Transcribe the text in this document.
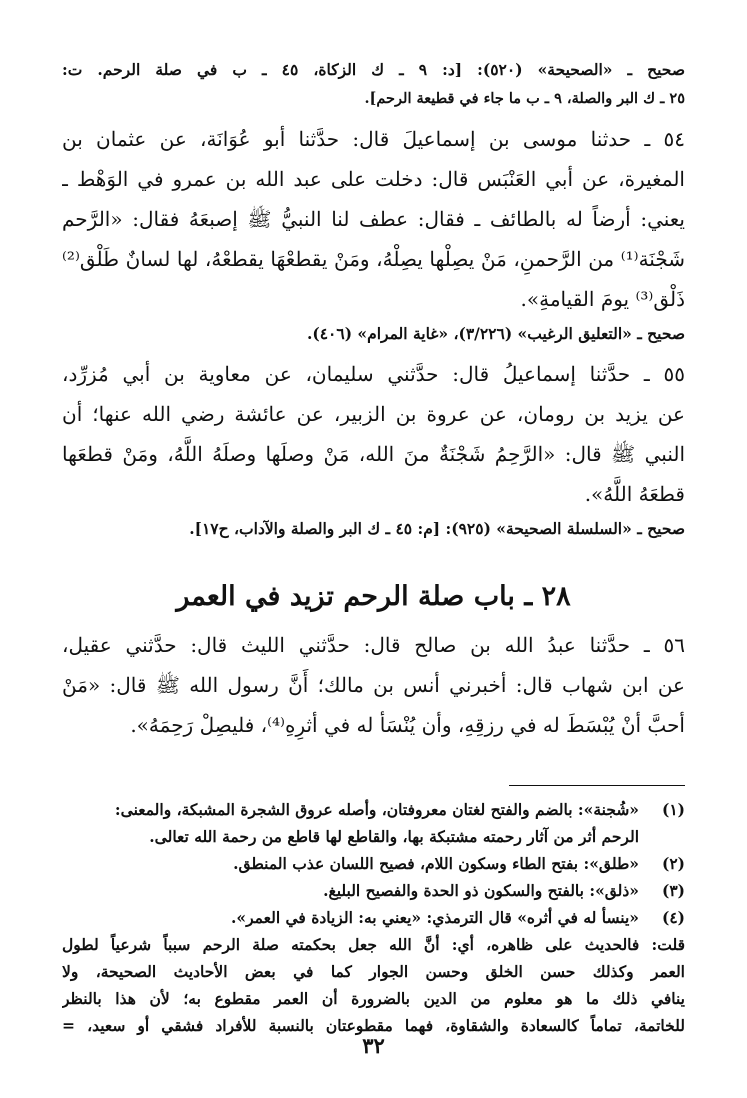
صحيح ـ «الصحيحة» (٥٢٠): [د: ٩ ـ ك الزكاة، ٤٥ ـ ب في صلة الرحم. ت:
٢٥ ـ ك البر والصلة، ٩ ـ ب ما جاء في قطيعة الرحم].
٥٤ ـ حدثنا موسى بن إسماعيلَ قال: حدَّثنا أبو عُوَانَة، عن عثمان بن
المغيرة، عن أبي العَنْبَس قال: دخلت على عبد الله بن عمرو في الوَهْط ـ
يعني: أرضاً له بالطائف ـ فقال: عطف لنا النبيُّ ﷺ إصبعَهُ فقال: «الرَّحم
شَجْنَة⁽¹⁾ من الرَّحمنِ، مَنْ يصِلْها يصِلْهُ، ومَنْ يقطعْهَا يقطعْهُ، لها لسانٌ طَلْق⁽²⁾
ذَلْق⁽³⁾ يومَ القيامةِ».
صحيح ـ «التعليق الرغيب» (٣/٢٢٦)، «غاية المرام» (٤٠٦).
٥٥ ـ حدَّثنا إسماعيلُ قال: حدَّثني سليمان، عن معاوية بن أبي مُزرِّد،
عن يزيد بن رومان، عن عروة بن الزبير، عن عائشة رضي الله عنها؛ أن
النبي ﷺ قال: «الرَّحِمُ شَجْنَةٌ منَ الله، مَنْ وصلَها وصلَهُ اللَّهُ، ومَنْ قطعَها
قطعَهُ اللَّهُ».
صحيح ـ «السلسلة الصحيحة» (٩٢٥): [م: ٤٥ ـ ك البر والصلة والآداب، ح١٧].
٢٨ ـ باب صلة الرحم تزيد في العمر
٥٦ ـ حدَّثنا عبدُ الله بن صالح قال: حدَّثني الليث قال: حدَّثني عقيل،
عن ابن شهاب قال: أخبرني أنس بن مالك؛ أَنَّ رسول الله ﷺ قال: «مَنْ
أحبَّ أنْ يُبْسَطَ له في رزقِهِ، وأن يُنْسَأ له في أثرِهِ⁽⁴⁾، فليصِلْ رَحِمَهُ».
(١)
«شُجنة»: بالضم والفتح لغتان معروفتان، وأصله عروق الشجرة المشبكة، والمعنى:
الرحم أثر من آثار رحمته مشتبكة بها، والقاطع لها قاطع من رحمة الله تعالى.
(٢)
«طلق»: بفتح الطاء وسكون اللام، فصيح اللسان عذب المنطق.
(٣)
«ذلق»: بالفتح والسكون ذو الحدة والفصيح البليغ.
(٤)
«ينسأ له في أثره» قال الترمذي: «يعني به: الزيادة في العمر».
قلت: فالحديث على ظاهره، أي: أنَّ الله جعل بحكمته صلة الرحم سبباً شرعياً لطول
العمر وكذلك حسن الخلق وحسن الجوار كما في بعض الأحاديث الصحيحة، ولا
ينافي ذلك ما هو معلوم من الدين بالضرورة أن العمر مقطوع به؛ لأن هذا بالنظر
للخاتمة، تماماً كالسعادة والشقاوة، فهما مقطوعتان بالنسبة للأفراد فشقي أو سعيد، =
٣٢
